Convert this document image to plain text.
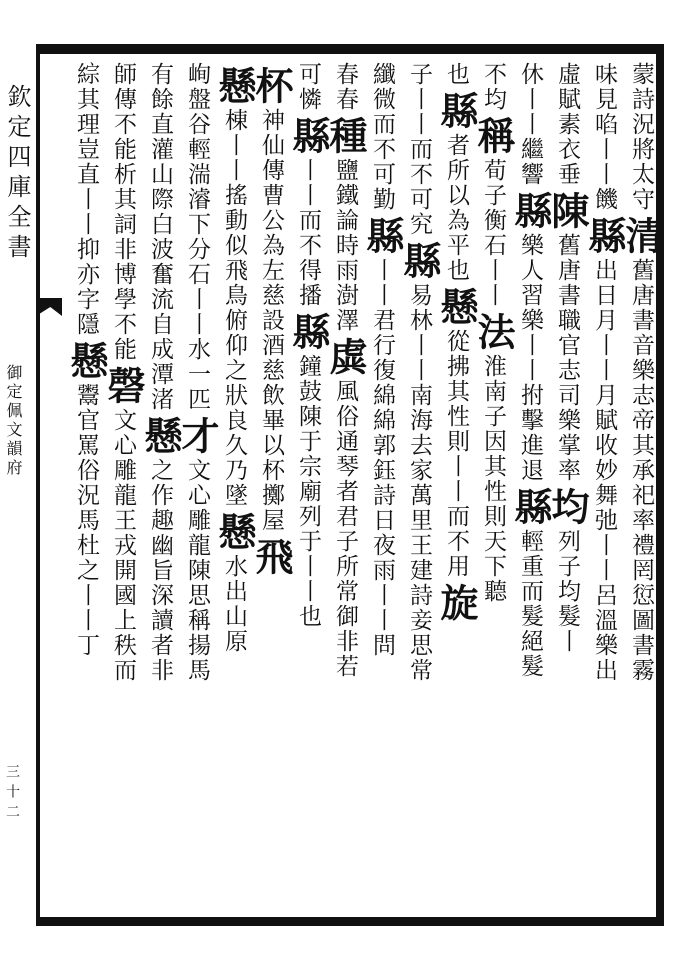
欽定四庫全書
御定佩文韻府
三十二
蒙詩況將太守清舊唐書音樂志帝其承祀率禮罔愆圖書霧
味見啗丨丨饑縣出日月丨丨月賦收妙舞弛丨丨呂溫樂出
虛賦素衣垂陳舊唐書職官志司樂掌率均列子均髮丨
休丨丨繼響縣樂人習樂丨丨拊擊進退縣輕重而髮絕髮
不均稱荀子衡石丨丨法淮南子因其性則天下聽
也縣者所以為平也懸從拂其性則丨丨而不用旋
子丨丨而不可究縣易林丨丨南海去家萬里王建詩妾思常
纖微而不可勤縣丨丨君行復綿綿郭鈺詩日夜雨丨丨問
春春種鹽鐵論時雨澍澤虡風俗通琴者君子所常御非若
可憐縣丨丨而不得播縣鐘鼓陳于宗廟列于丨丨也
杯神仙傳曹公為左慈設酒慈飲畢以杯擲屋飛
懸棟丨丨搖動似飛鳥俯仰之狀良久乃墜懸水出山原
峋盤谷輕湍濬下分石丨丨水一匹才文心雕龍陳思稱揚馬
有餘直灌山際白波奮流自成潭渚懸之作趣幽旨深讀者非
師傳不能析其詞非博學不能磬文心雕龍王戎開國上秩而
綜其理豈直丨丨抑亦字隱懸鬻官罵俗況馬杜之丨丨丁
